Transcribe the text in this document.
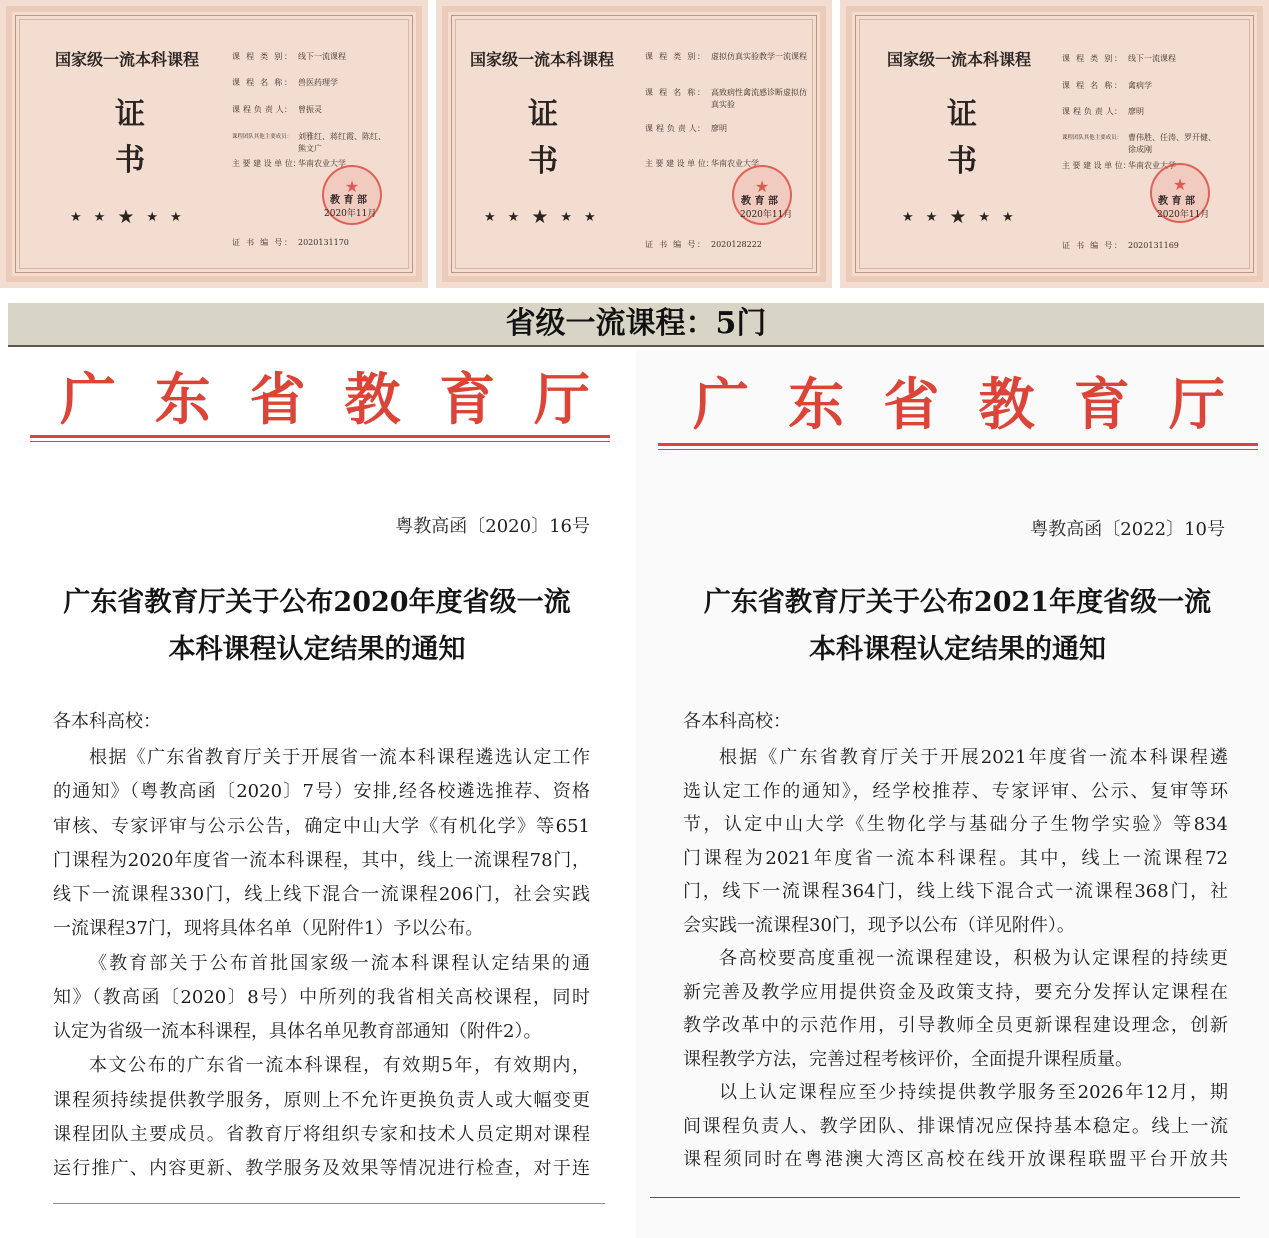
国家级一流本科课程
证
书
★ ★ ★ ★ ★
课 程 类 别： 线下一流课程
课 程 名 称： 兽医药理学
课 程 负 责 人： 曾振灵
课程团队其他主要成员： 刘雅红、蒋红霞、陈红、熊文广
主 要 建 设 单 位：
华南农业大学
★
教 育 部
2020年11月
证 书 编 号： 2020131170
国家级一流本科课程
证
书
★ ★ ★ ★ ★
课 程 类 别： 虚拟仿真实验教学一流课程
课 程 名 称： 高致病性禽流感诊断虚拟仿真实验
课 程 负 责 人： 廖明
主 要 建 设 单 位：
华南农业大学
★
教 育 部
2020年11月
证 书 编 号： 2020128222
国家级一流本科课程
证
书
★ ★ ★ ★ ★
课 程 类 别： 线下一流课程
课 程 名 称： 禽病学
课 程 负 责 人： 廖明
课程团队其他主要成员： 曹伟胜、任涛、罗开健、徐成刚
主 要 建 设 单 位：
华南农业大学
★
教 育 部
2020年11月
证 书 编 号： 2020131169
省级一流课程：5门
广 东 省 教 育 厅
粤教高函〔2020〕16号
广东省教育厅关于公布2020年度省级一流
本科课程认定结果的通知
各本科高校：
根据《广东省教育厅关于开展省一流本科课程遴选认定工作
的通知》（粤教高函〔2020〕7号）安排,经各校遴选推荐、资格
审核、专家评审与公示公告，确定中山大学《有机化学》等651
门课程为2020年度省一流本科课程，其中，线上一流课程78门，
线下一流课程330门，线上线下混合一流课程206门，社会实践
一流课程37门，现将具体名单（见附件1）予以公布。
《教育部关于公布首批国家级一流本科课程认定结果的通
知》（教高函〔2020〕8号）中所列的我省相关高校课程，同时
认定为省级一流本科课程，具体名单见教育部通知（附件2）。
本文公布的广东省一流本科课程，有效期5年，有效期内，
课程须持续提供教学服务，原则上不允许更换负责人或大幅变更
课程团队主要成员。省教育厅将组织专家和技术人员定期对课程
运行推广、内容更新、教学服务及效果等情况进行检查，对于连
广 东 省 教 育 厅
粤教高函〔2022〕10号
广东省教育厅关于公布2021年度省级一流
本科课程认定结果的通知
各本科高校：
根据《广东省教育厅关于开展2021年度省一流本科课程遴
选认定工作的通知》，经学校推荐、专家评审、公示、复审等环
节，认定中山大学《生物化学与基础分子生物学实验》等834
门课程为2021年度省一流本科课程。其中，线上一流课程72
门，线下一流课程364门，线上线下混合式一流课程368门，社
会实践一流课程30门，现予以公布（详见附件）。
各高校要高度重视一流课程建设，积极为认定课程的持续更
新完善及教学应用提供资金及政策支持，要充分发挥认定课程在
教学改革中的示范作用，引导教师全员更新课程建设理念，创新
课程教学方法，完善过程考核评价，全面提升课程质量。
以上认定课程应至少持续提供教学服务至2026年12月，期
间课程负责人、教学团队、排课情况应保持基本稳定。线上一流
课程须同时在粤港澳大湾区高校在线开放课程联盟平台开放共
